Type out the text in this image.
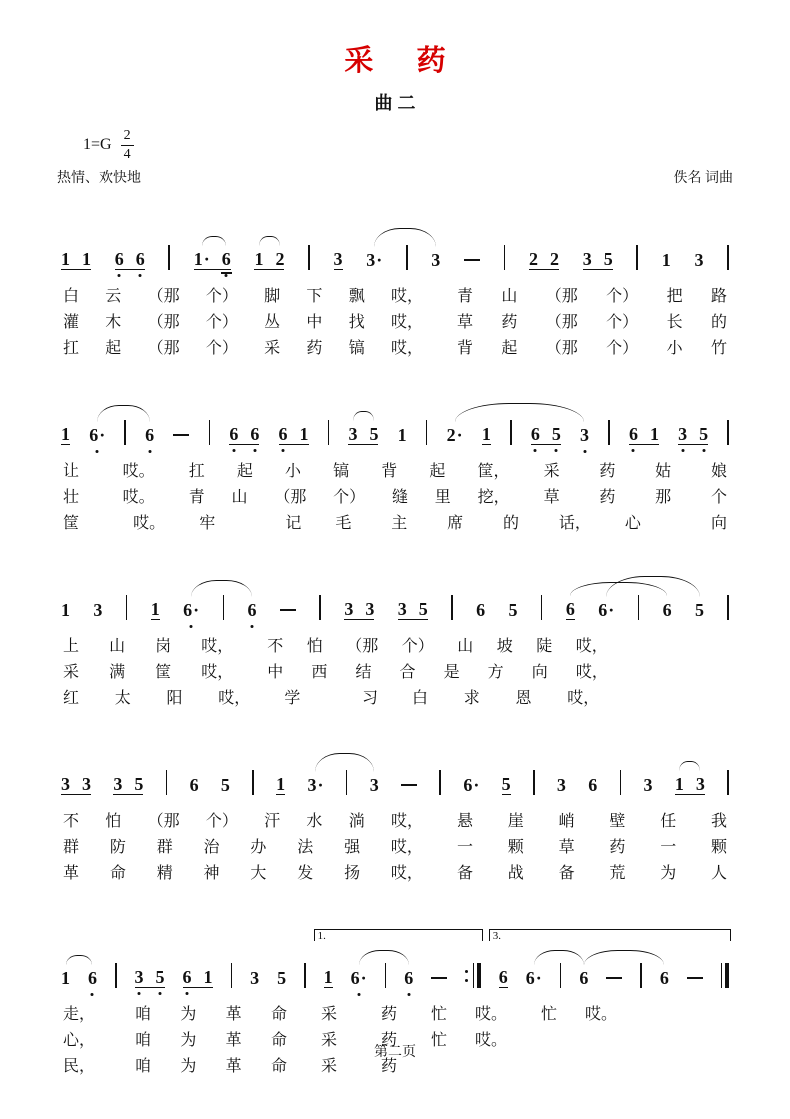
采 药
曲二
$1=G \frac{2}{4}$
热情、欢快地	佚名 词曲
1 1 6 6	1· 6 1 2	3 3·	3	2 2 3 5	1 3
白 云 （那 个） 脚 下 飘 哎， 青 山 （那 个） 把 路
灌 木 （那 个） 丛 中 找 哎， 草 药 （那 个） 长 的
扛 起 （那 个） 采 药 镐 哎， 背 起 （那 个） 小 竹
1 6· 6	6 6 6 1 3 5 1 2· 1 6 5 3 6 1 3 5
让	哎。 扛 起 小 镐 背 起 筐， 采 药 姑 娘
壮	哎。 青 山 （那 个） 缝 里 挖， 草 药 那 个
筐	哎。 牢	记 毛 主 席 的 话， 心	向
1 3	1 6·	6	3 3 3 5	6 5	6 6·	6 5
上 山 岗 哎， 不 怕 （那 个） 山 坡 陡 哎，
采 满 筐 哎， 中 西 结 合 是 方 向 哎，
红 太 阳 哎， 学	习 白 求 恩 哎，
3 3 3 5	6 5	1 3·	3	6· 5	3 6	3 1 3
不 怕 （那 个） 汗 水 淌 哎， 悬 崖 峭 壁 任 我
群 防 群 治 办 法 强 哎， 一 颗 草 药 一 颗
革 命 精 神 大 发 扬 哎， 备 战 备 荒 为 人
1 6 3 5 6 1 3 5 1 6· 6	6 6· 6	6
1.	3.
走， 咱 为 革 命 采	药 忙 哎。 忙 哎。
心， 咱 为 革 命 采	药 忙 哎。
民， 咱 为 革 命 采	药
第二页
